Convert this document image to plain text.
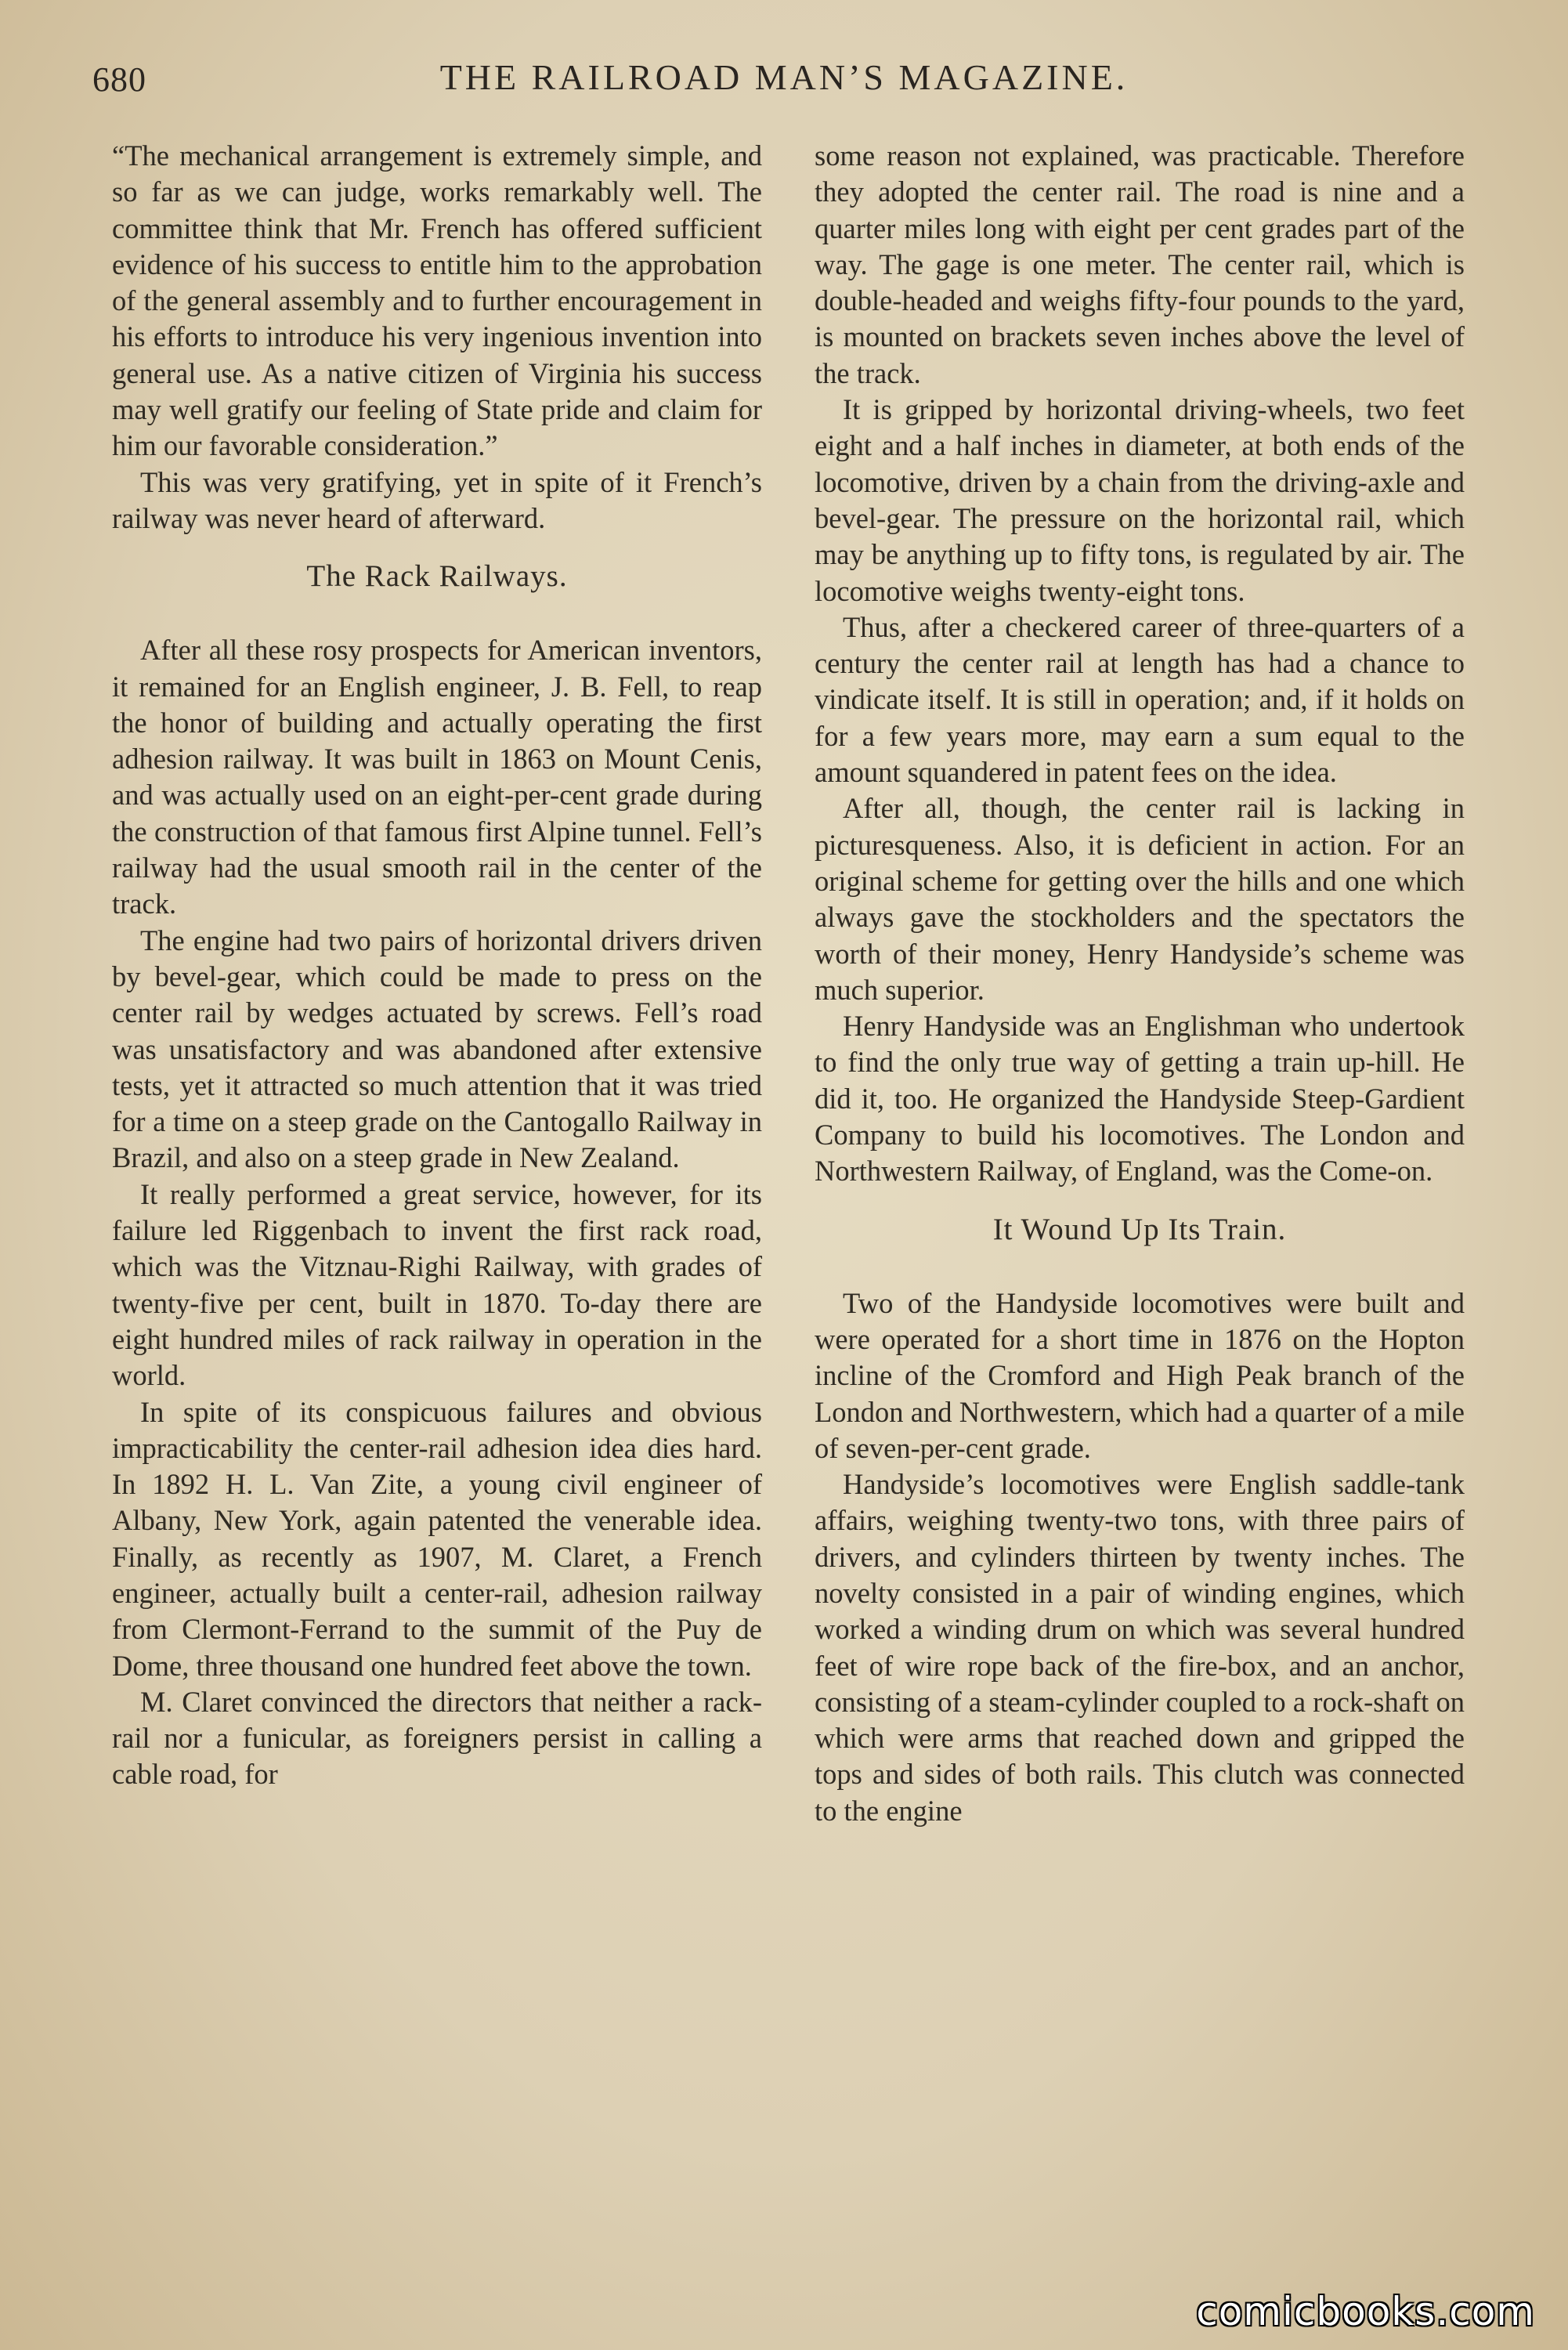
680	THE RAILROAD MAN’S MAGAZINE.

“The mechanical arrangement is extremely simple, and so far as we can judge, works remarkably well. The committee think that Mr. French has offered sufficient evidence of his success to entitle him to the approbation of the general assembly and to further encouragement in his efforts to introduce his very ingenious invention into general use. As a native citizen of Virginia his success may well gratify our feeling of State pride and claim for him our favorable consideration.”

This was very gratifying, yet in spite of it French’s railway was never heard of afterward.

The Rack Railways.

After all these rosy prospects for American inventors, it remained for an English engineer, J. B. Fell, to reap the honor of building and actually operating the first adhesion railway. It was built in 1863 on Mount Cenis, and was actually used on an eight-per-cent grade during the construction of that famous first Alpine tunnel. Fell’s railway had the usual smooth rail in the center of the track.

The engine had two pairs of horizontal drivers driven by bevel-gear, which could be made to press on the center rail by wedges actuated by screws. Fell’s road was unsatisfactory and was abandoned after extensive tests, yet it attracted so much attention that it was tried for a time on a steep grade on the Cantogallo Railway in Brazil, and also on a steep grade in New Zealand.

It really performed a great service, however, for its failure led Riggenbach to invent the first rack road, which was the Vitznau-Righi Railway, with grades of twenty-five per cent, built in 1870. To-day there are eight hundred miles of rack railway in operation in the world.

In spite of its conspicuous failures and obvious impracticability the center-rail adhesion idea dies hard. In 1892 H. L. Van Zite, a young civil engineer of Albany, New York, again patented the venerable idea. Finally, as recently as 1907, M. Claret, a French engineer, actually built a center-rail, adhesion railway from Clermont-Ferrand to the summit of the Puy de Dome, three thousand one hundred feet above the town.

M. Claret convinced the directors that neither a rack-rail nor a funicular, as foreigners persist in calling a cable road, for

some reason not explained, was practicable. Therefore they adopted the center rail. The road is nine and a quarter miles long with eight per cent grades part of the way. The gage is one meter. The center rail, which is double-headed and weighs fifty-four pounds to the yard, is mounted on brackets seven inches above the level of the track.

It is gripped by horizontal driving-wheels, two feet eight and a half inches in diameter, at both ends of the locomotive, driven by a chain from the driving-axle and bevel-gear. The pressure on the horizontal rail, which may be anything up to fifty tons, is regulated by air. The locomotive weighs twenty-eight tons.

Thus, after a checkered career of three-quarters of a century the center rail at length has had a chance to vindicate itself. It is still in operation; and, if it holds on for a few years more, may earn a sum equal to the amount squandered in patent fees on the idea.

After all, though, the center rail is lacking in picturesqueness. Also, it is deficient in action. For an original scheme for getting over the hills and one which always gave the stockholders and the spectators the worth of their money, Henry Handyside’s scheme was much superior.

Henry Handyside was an Englishman who undertook to find the only true way of getting a train up-hill. He did it, too. He organized the Handyside Steep-Gardient Company to build his locomotives. The London and Northwestern Railway, of England, was the Come-on.

It Wound Up Its Train.

Two of the Handyside locomotives were built and were operated for a short time in 1876 on the Hopton incline of the Cromford and High Peak branch of the London and Northwestern, which had a quarter of a mile of seven-per-cent grade.

Handyside’s locomotives were English saddle-tank affairs, weighing twenty-two tons, with three pairs of drivers, and cylinders thirteen by twenty inches. The novelty consisted in a pair of winding engines, which worked a winding drum on which was several hundred feet of wire rope back of the fire-box, and an anchor, consisting of a steam-cylinder coupled to a rock-shaft on which were arms that reached down and gripped the tops and sides of both rails. This clutch was connected to the engine

comicbooks.com
